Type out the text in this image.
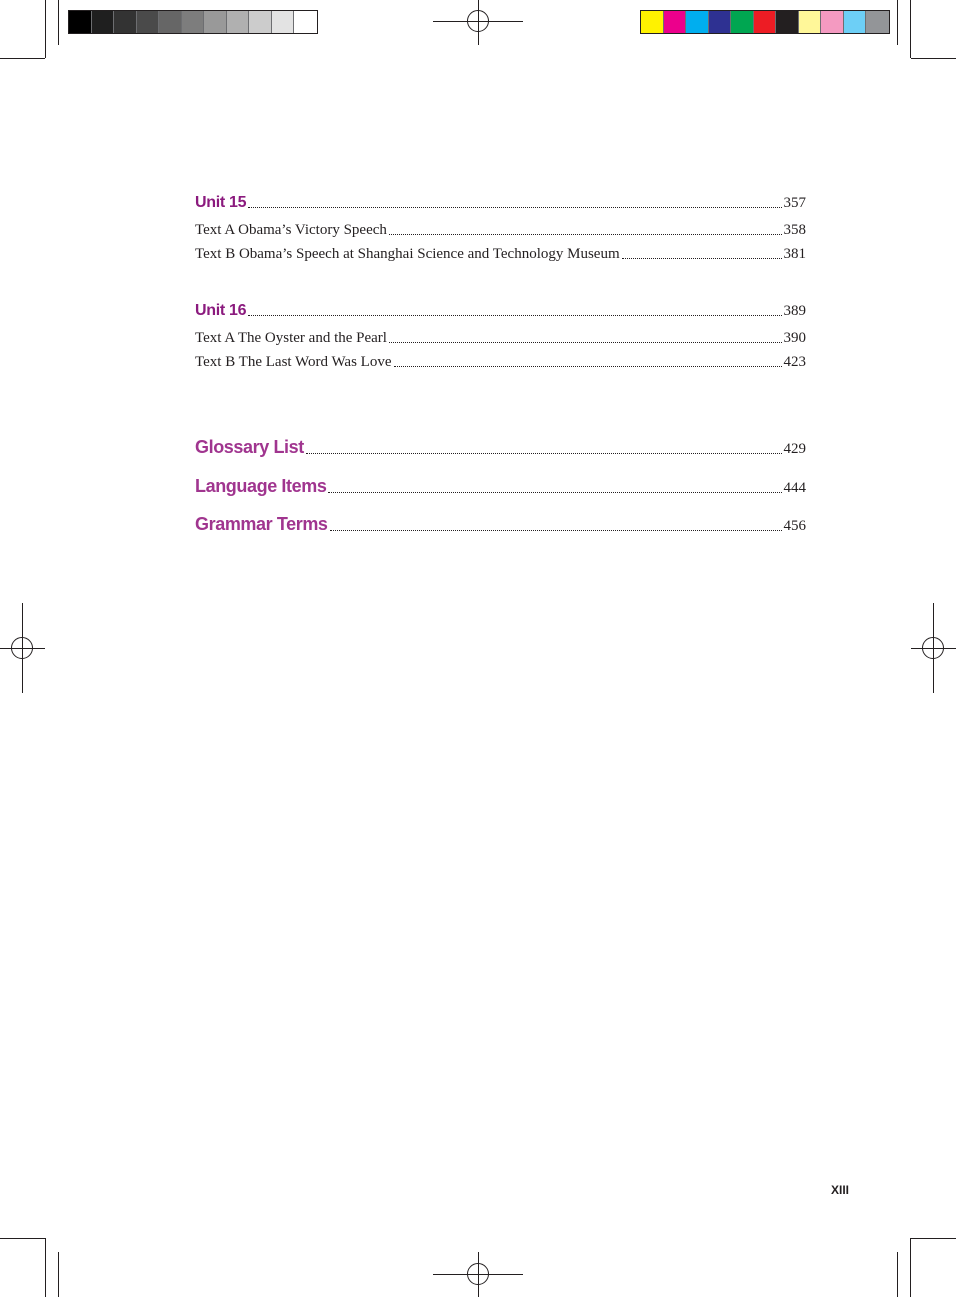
Unit 15	357
Text A Obama’s Victory Speech	358
Text B Obama’s Speech at Shanghai Science and Technology Museum	381
Unit 16	389
Text A The Oyster and the Pearl	390
Text B The Last Word Was Love	423
Glossary List	429
Language Items	444
Grammar Terms	456
XIII
